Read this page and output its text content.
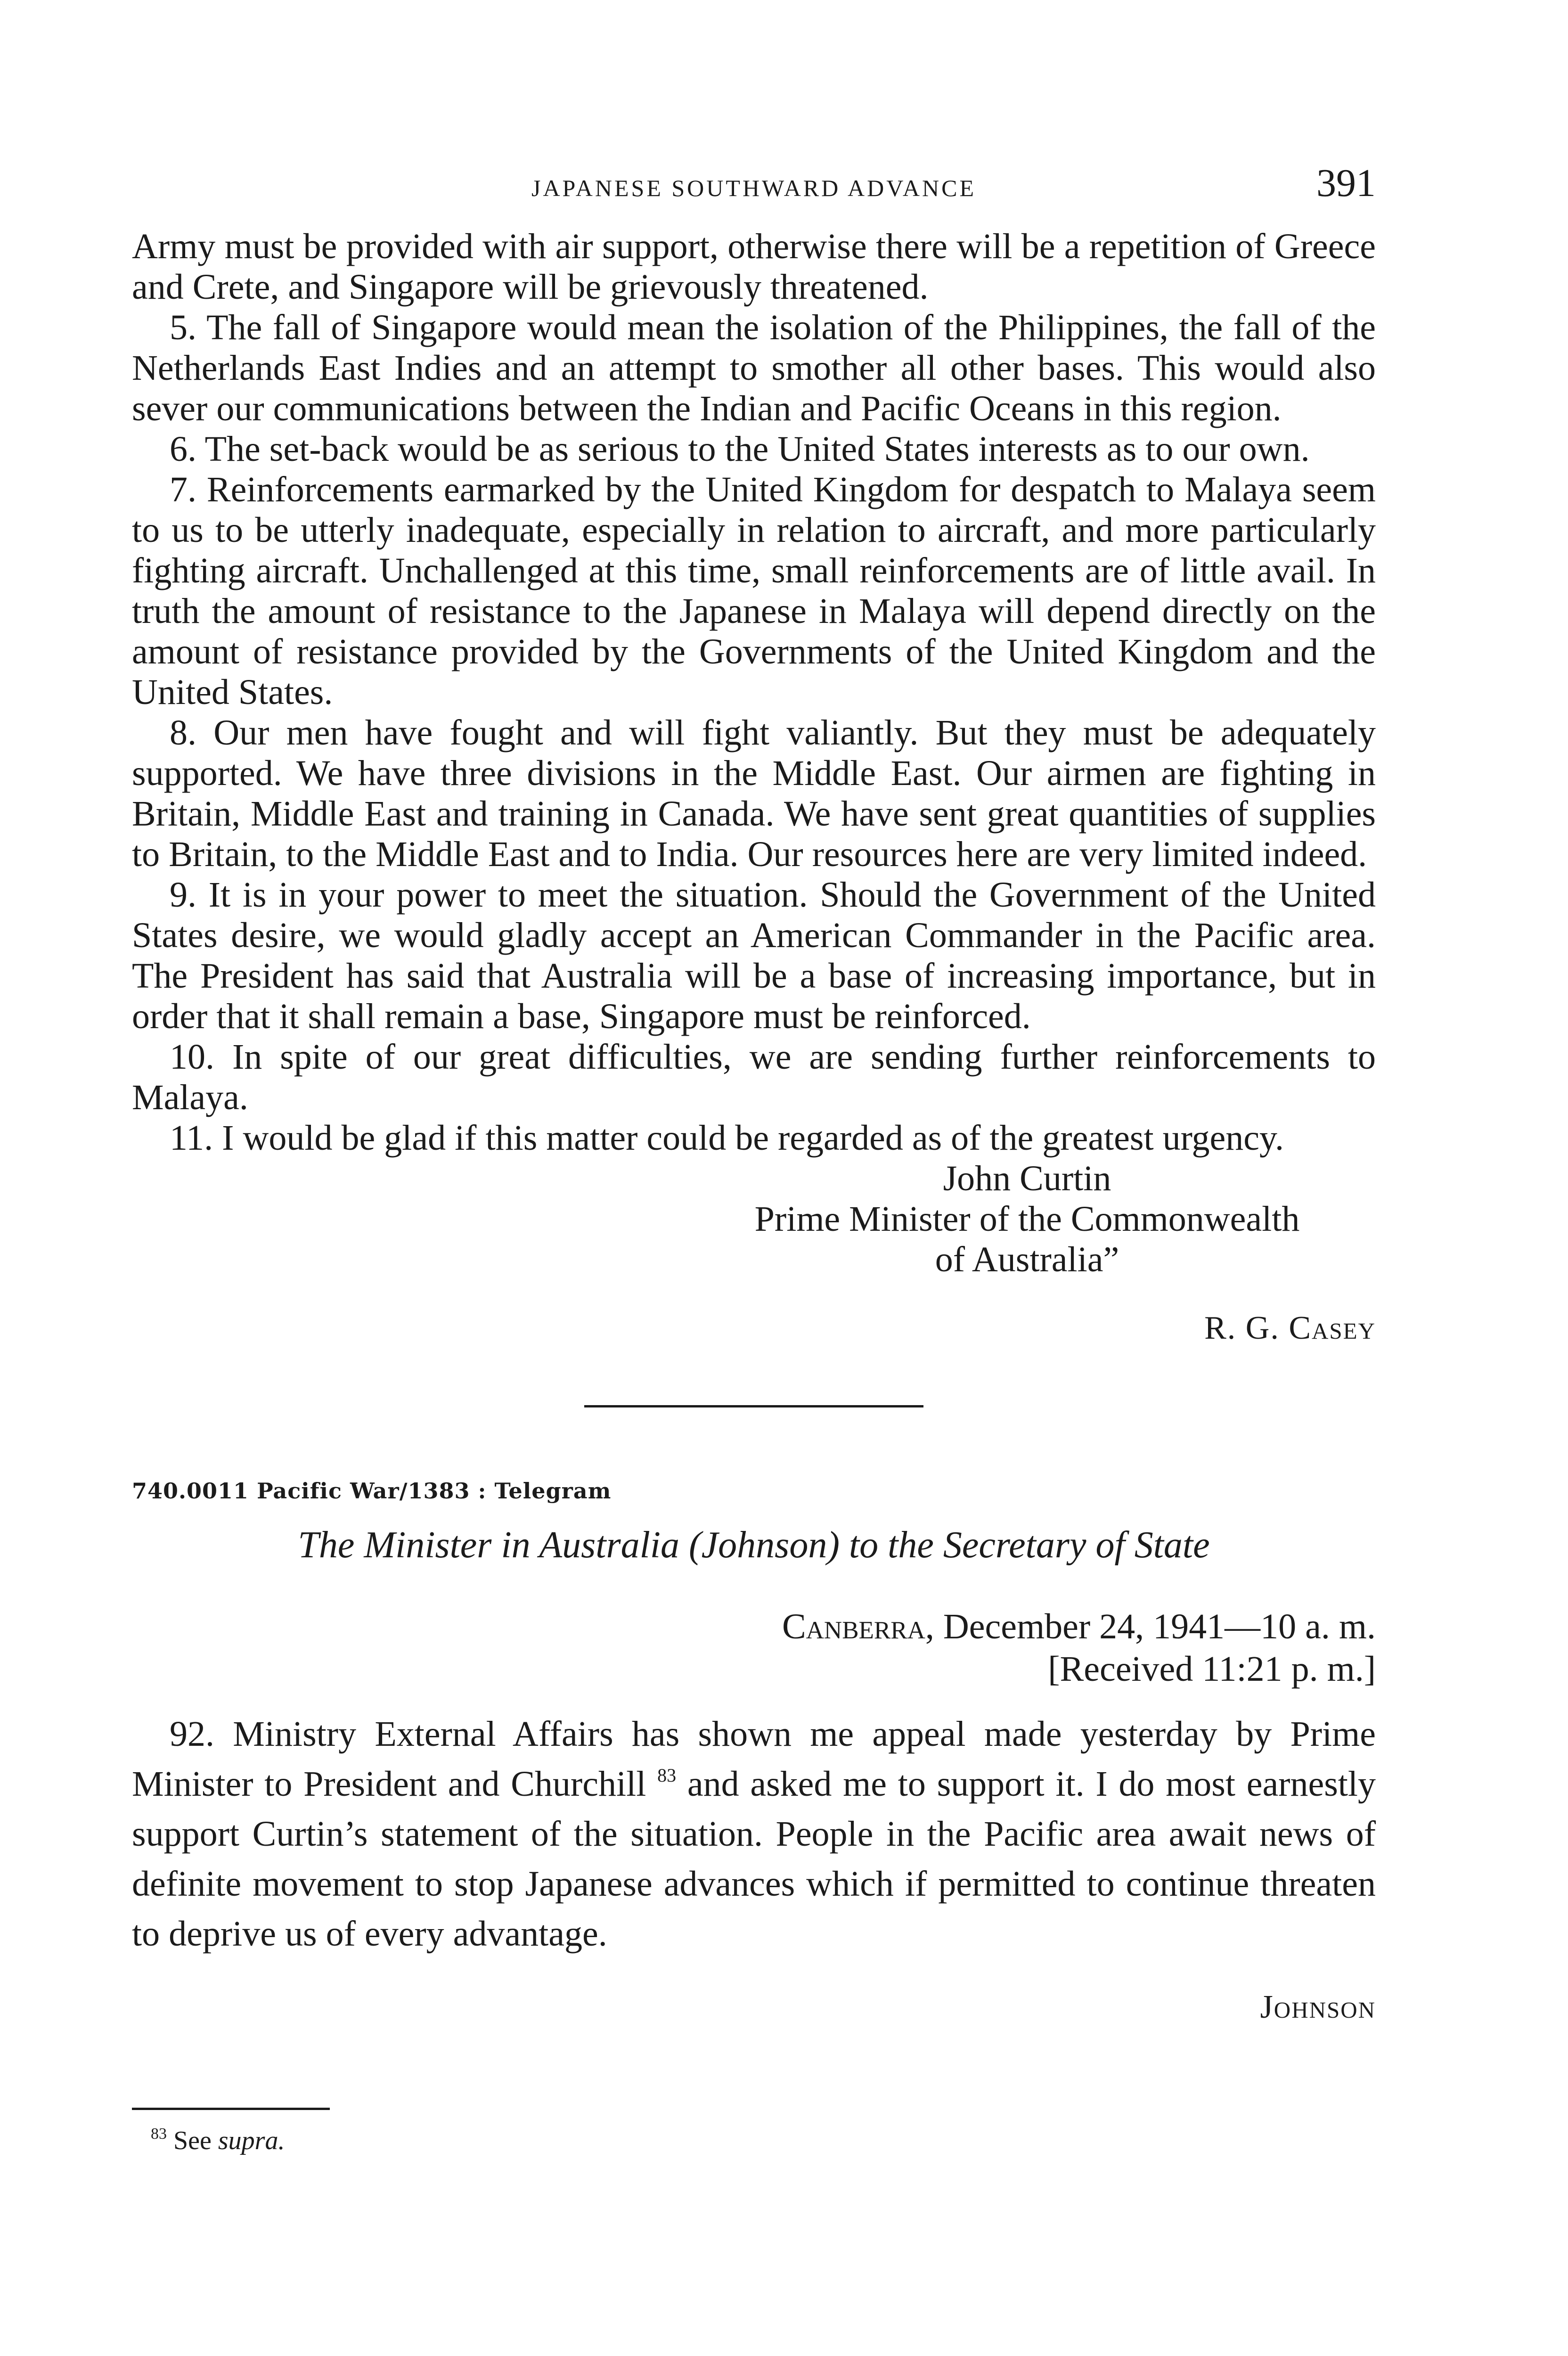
JAPANESE SOUTHWARD ADVANCE	391

Army must be provided with air support, otherwise there will be a repetition of Greece and Crete, and Singapore will be grievously threatened.

5. The fall of Singapore would mean the isolation of the Philippines, the fall of the Netherlands East Indies and an attempt to smother all other bases. This would also sever our communications between the Indian and Pacific Oceans in this region.

6. The set-back would be as serious to the United States interests as to our own.

7. Reinforcements earmarked by the United Kingdom for despatch to Malaya seem to us to be utterly inadequate, especially in relation to aircraft, and more particularly fighting aircraft. Unchallenged at this time, small reinforcements are of little avail. In truth the amount of resistance to the Japanese in Malaya will depend directly on the amount of resistance provided by the Governments of the United Kingdom and the United States.

8. Our men have fought and will fight valiantly. But they must be adequately supported. We have three divisions in the Middle East. Our airmen are fighting in Britain, Middle East and training in Canada. We have sent great quantities of supplies to Britain, to the Middle East and to India. Our resources here are very limited indeed.

9. It is in your power to meet the situation. Should the Government of the United States desire, we would gladly accept an American Commander in the Pacific area. The President has said that Australia will be a base of increasing importance, but in order that it shall remain a base, Singapore must be reinforced.

10. In spite of our great difficulties, we are sending further reinforcements to Malaya.

11. I would be glad if this matter could be regarded as of the greatest urgency.

John Curtin
Prime Minister of the Commonwealth
of Australia”
R. G. Casey
740.0011 Pacific War/1383 : Telegram
The Minister in Australia (Johnson) to the Secretary of State
Canberra, December 24, 1941—10 a. m.
[Received 11:21 p. m.]

92. Ministry External Affairs has shown me appeal made yesterday by Prime Minister to President and Churchill $^{83}$ and asked me to support it. I do most earnestly support Curtin’s statement of the situation. People in the Pacific area await news of definite movement to stop Japanese advances which if permitted to continue threaten to deprive us of every advantage.

Johnson
$^{83}$ See supra.
